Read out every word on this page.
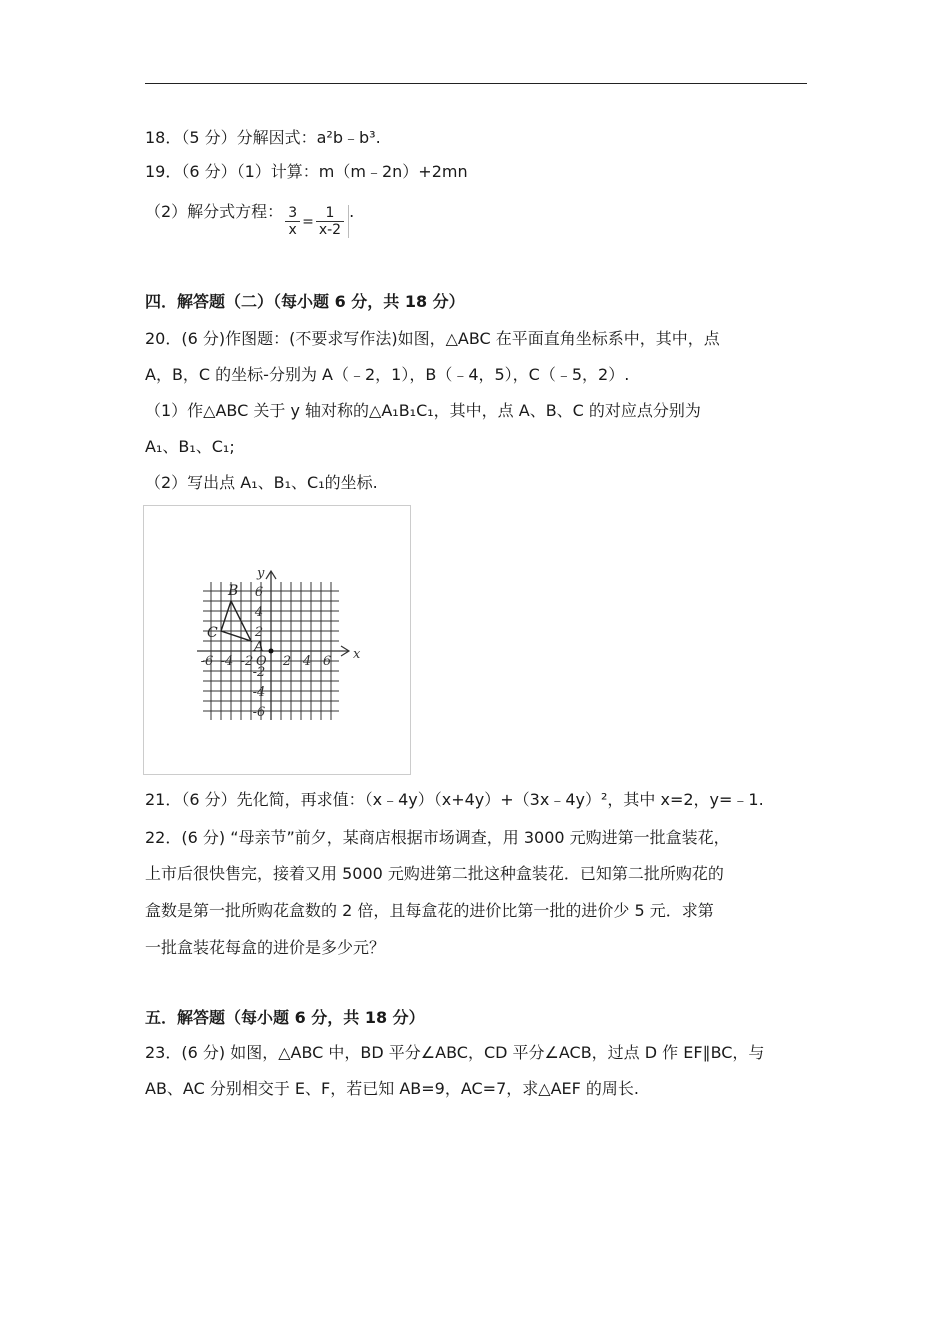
18．（5 分）分解因式：a²b﹣b³.
19．（6 分）（1）计算：m（m﹣2n）+2mn
（2）解分式方程： $\frac{3}{x} = \frac{1}{x-2}$ .
四．解答题（二）（每小题 6 分，共 18 分）
20．(6 分)作图题：(不要求写作法)如图，△ABC 在平面直角坐标系中，其中，点
A，B，C 的坐标-分别为 A（﹣2，1），B（﹣4，5），C（﹣5，2）.
（1）作△ABC 关于 y 轴对称的△A₁B₁C₁，其中，点 A、B、C 的对应点分别为
A₁、B₁、C₁;
（2）写出点 A₁、B₁、C₁的坐标.
x
y
-6 -4 -2 2 4 6
6
4
2
-2
-4
-6
O
A
B
C
21．（6 分）先化简，再求值：（x﹣4y）（x+4y）+（3x﹣4y）²，其中 x=2，y=﹣1.
22．(6 分) “母亲节”前夕，某商店根据市场调查，用 3000 元购进第一批盒装花，
上市后很快售完，接着又用 5000 元购进第二批这种盒装花．已知第二批所购花的
盒数是第一批所购花盒数的 2 倍，且每盒花的进价比第一批的进价少 5 元．求第
一批盒装花每盒的进价是多少元？
五．解答题（每小题 6 分，共 18 分）
23．(6 分) 如图，△ABC 中，BD 平分∠ABC，CD 平分∠ACB，过点 D 作 EF∥BC，与
AB、AC 分别相交于 E、F，若已知 AB=9，AC=7，求△AEF 的周长.
